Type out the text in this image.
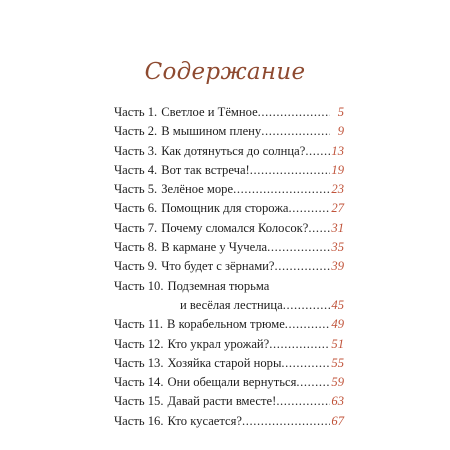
Содержание
Часть 1. Светлое и Тёмное .....	5
Часть 2. В мышином плену .....	9
Часть 3. Как дотянуться до солнца? ..... 13
Часть 4. Вот так встреча! .....	19
Часть 5. Зелёное море .....	23
Часть 6. Помощник для сторожа .....	27
Часть 7. Почему сломался Колосок? ..... 31
Часть 8. В кармане у Чучела .....	35
Часть 9. Что будет с зёрнами? .....	39
Часть 10. Подземная тюрьма
и весёлая лестница .....	45
Часть 11. В корабельном трюме .....	49
Часть 12. Кто украл урожай? .....	51
Часть 13. Хозяйка старой норы .....	55
Часть 14. Они обещали вернуться .....	59
Часть 15. Давай расти вместе! .....	63
Часть 16. Кто кусается? .....	67
